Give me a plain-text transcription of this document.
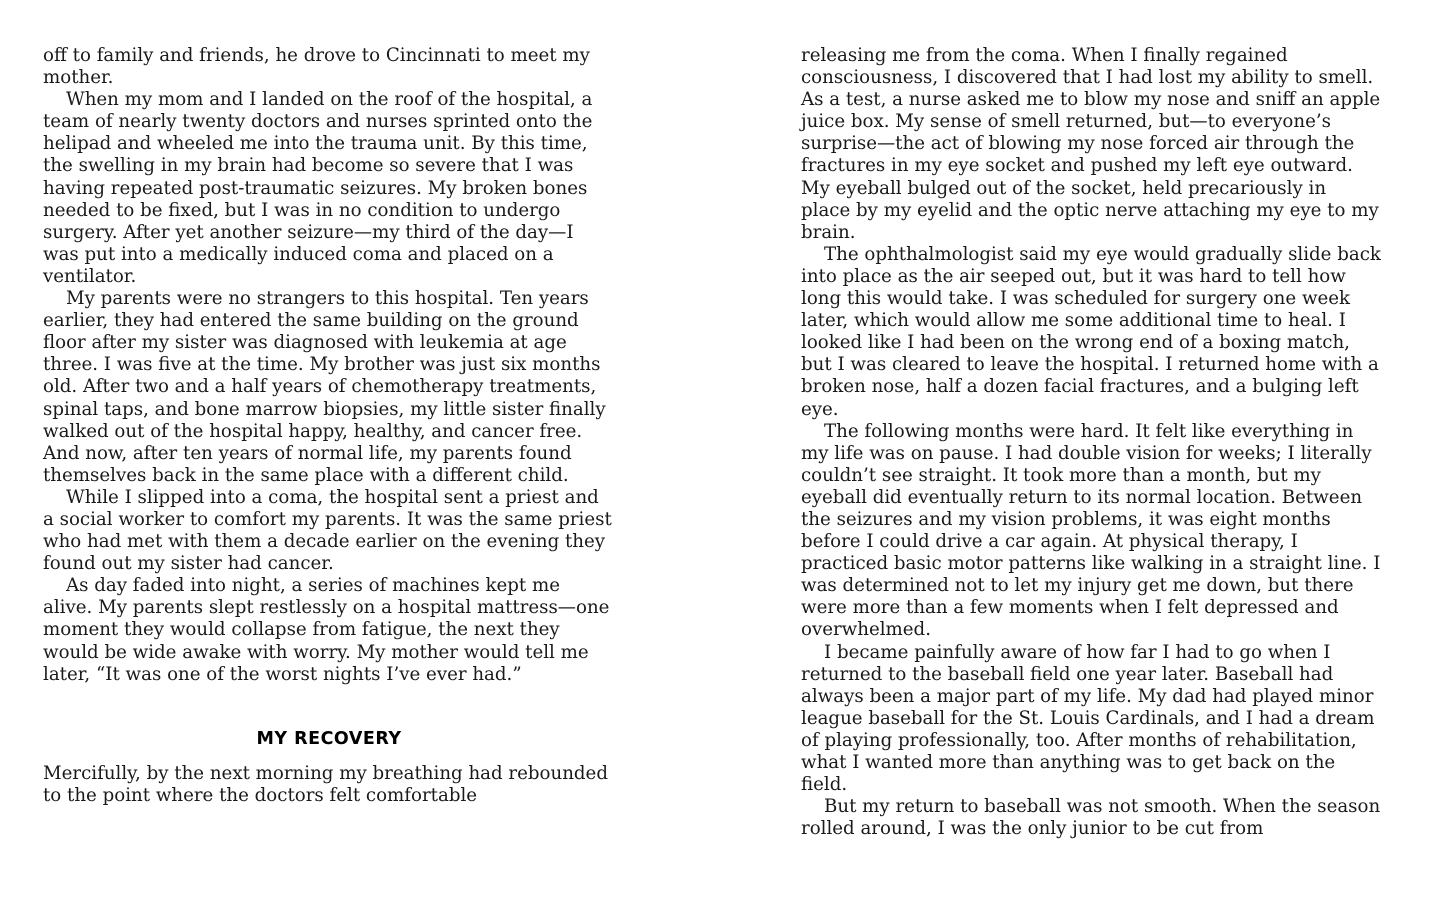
off to family and friends, he drove to Cincinnati to meet my mother.

When my mom and I landed on the roof of the hospital, a team of nearly twenty doctors and nurses sprinted onto the helipad and wheeled me into the trauma unit. By this time, the swelling in my brain had become so severe that I was having repeated post-traumatic seizures. My broken bones needed to be fixed, but I was in no condition to undergo surgery. After yet another seizure—my third of the day—I was put into a medically induced coma and placed on a ventilator.

My parents were no strangers to this hospital. Ten years earlier, they had entered the same building on the ground floor after my sister was diagnosed with leukemia at age three. I was five at the time. My brother was just six months old. After two and a half years of chemotherapy treatments, spinal taps, and bone marrow biopsies, my little sister finally walked out of the hospital happy, healthy, and cancer free. And now, after ten years of normal life, my parents found themselves back in the same place with a different child.

While I slipped into a coma, the hospital sent a priest and a social worker to comfort my parents. It was the same priest who had met with them a decade earlier on the evening they found out my sister had cancer.

As day faded into night, a series of machines kept me alive. My parents slept restlessly on a hospital mattress—one moment they would collapse from fatigue, the next they would be wide awake with worry. My mother would tell me later, “It was one of the worst nights I’ve ever had.”

MY RECOVERY

Mercifully, by the next morning my breathing had rebounded to the point where the doctors felt comfortable

releasing me from the coma. When I finally regained consciousness, I discovered that I had lost my ability to smell. As a test, a nurse asked me to blow my nose and sniff an apple juice box. My sense of smell returned, but—to everyone’s surprise—the act of blowing my nose forced air through the fractures in my eye socket and pushed my left eye outward. My eyeball bulged out of the socket, held precariously in place by my eyelid and the optic nerve attaching my eye to my brain.

The ophthalmologist said my eye would gradually slide back into place as the air seeped out, but it was hard to tell how long this would take. I was scheduled for surgery one week later, which would allow me some additional time to heal. I looked like I had been on the wrong end of a boxing match, but I was cleared to leave the hospital. I returned home with a broken nose, half a dozen facial fractures, and a bulging left eye.

The following months were hard. It felt like everything in my life was on pause. I had double vision for weeks; I literally couldn’t see straight. It took more than a month, but my eyeball did eventually return to its normal location. Between the seizures and my vision problems, it was eight months before I could drive a car again. At physical therapy, I practiced basic motor patterns like walking in a straight line. I was determined not to let my injury get me down, but there were more than a few moments when I felt depressed and overwhelmed.

I became painfully aware of how far I had to go when I returned to the baseball field one year later. Baseball had always been a major part of my life. My dad had played minor league baseball for the St. Louis Cardinals, and I had a dream of playing professionally, too. After months of rehabilitation, what I wanted more than anything was to get back on the field.

But my return to baseball was not smooth. When the season rolled around, I was the only junior to be cut from
